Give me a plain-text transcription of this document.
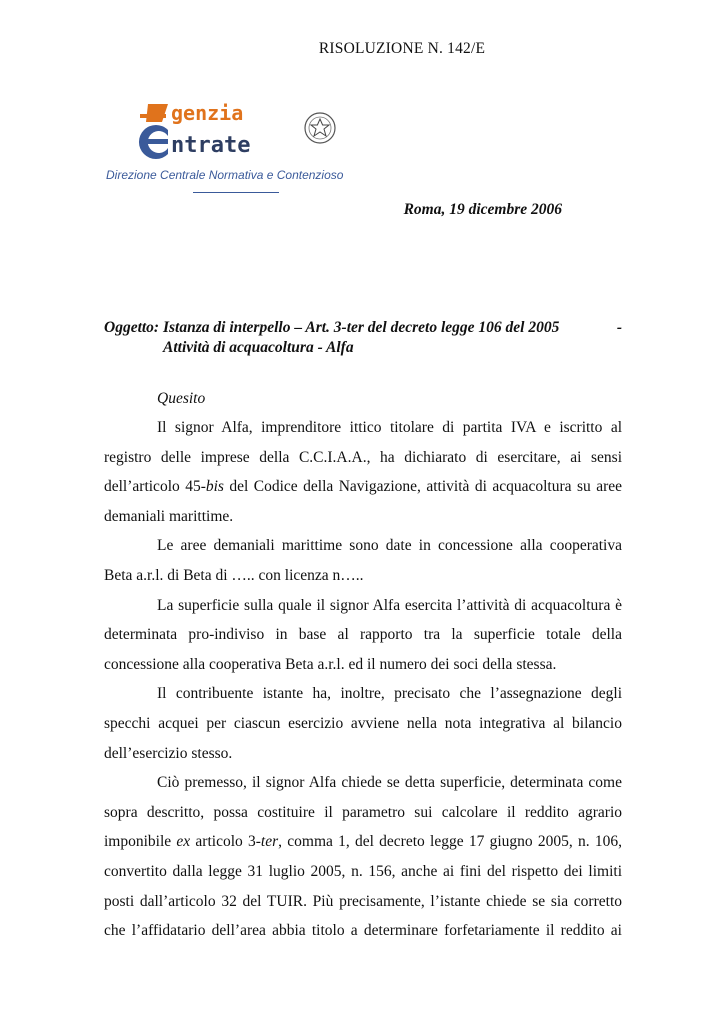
RISOLUZIONE N. 142/E
genzia
ntrate
Direzione Centrale Normativa e Contenzioso
Roma, 19 dicembre 2006
Oggetto: Istanza di interpello – Art. 3-ter del decreto legge 106 del 2005	-
Attività di acquacoltura - Alfa
Quesito
Il signor Alfa, imprenditore ittico titolare di partita IVA e iscritto al
registro delle imprese della C.C.I.A.A., ha dichiarato di esercitare, ai sensi
dell’articolo 45-bis del Codice della Navigazione, attività di acquacoltura su aree
demaniali marittime.
Le aree demaniali marittime sono date in concessione alla cooperativa
Beta a.r.l. di Beta di ….. con licenza n…..
La superficie sulla quale il signor Alfa esercita l’attività di acquacoltura è
determinata pro-indiviso in base al rapporto tra la superficie totale della
concessione alla cooperativa Beta a.r.l. ed il numero dei soci della stessa.
Il contribuente istante ha, inoltre, precisato che l’assegnazione degli
specchi acquei per ciascun esercizio avviene nella nota integrativa al bilancio
dell’esercizio stesso.
Ciò premesso, il signor Alfa chiede se detta superficie, determinata come
sopra descritto, possa costituire il parametro sui calcolare il reddito agrario
imponibile ex articolo 3-ter, comma 1, del decreto legge 17 giugno 2005, n. 106,
convertito dalla legge 31 luglio 2005, n. 156, anche ai fini del rispetto dei limiti
posti dall’articolo 32 del TUIR. Più precisamente, l’istante chiede se sia corretto
che l’affidatario dell’area abbia titolo a determinare forfetariamente il reddito ai
